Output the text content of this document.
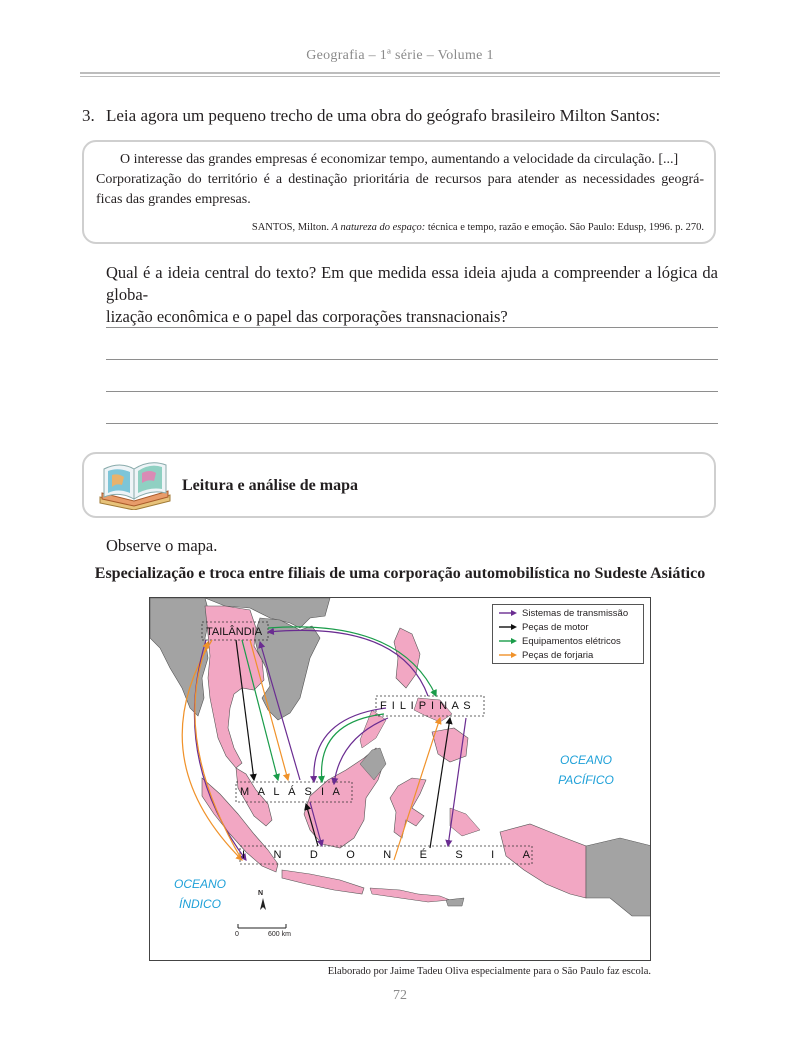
Geografia – 1ª série – Volume 1
3. Leia agora um pequeno trecho de uma obra do geógrafo brasileiro Milton Santos:
O interesse das grandes empresas é economizar tempo, aumentando a velocidade da circulação. [...]
Corporatização do território é a destinação prioritária de recursos para atender as necessidades geográ-
ficas das grandes empresas.
SANTOS, Milton. A natureza do espaço: técnica e tempo, razão e emoção. São Paulo: Edusp, 1996. p. 270.
Qual é a ideia central do texto? Em que medida essa ideia ajuda a compreender a lógica da globa-
lização econômica e o papel das corporações transnacionais?
Leitura e análise de mapa
Observe o mapa.
Especialização e troca entre filiais de uma corporação automobilística no Sudeste Asiático
Sistemas de transmissão
Peças de motor
Equipamentos elétricos
Peças de forjaria
TAILÂNDIA
F I L I P I N A S
M A L Á S I A
I	N	D	O	N	É	S	I	A
OCEANO
PACÍFICO
OCEANO
ÍNDICO
N
0	600 km
Elaborado por Jaime Tadeu Oliva especialmente para o São Paulo faz escola.
72
